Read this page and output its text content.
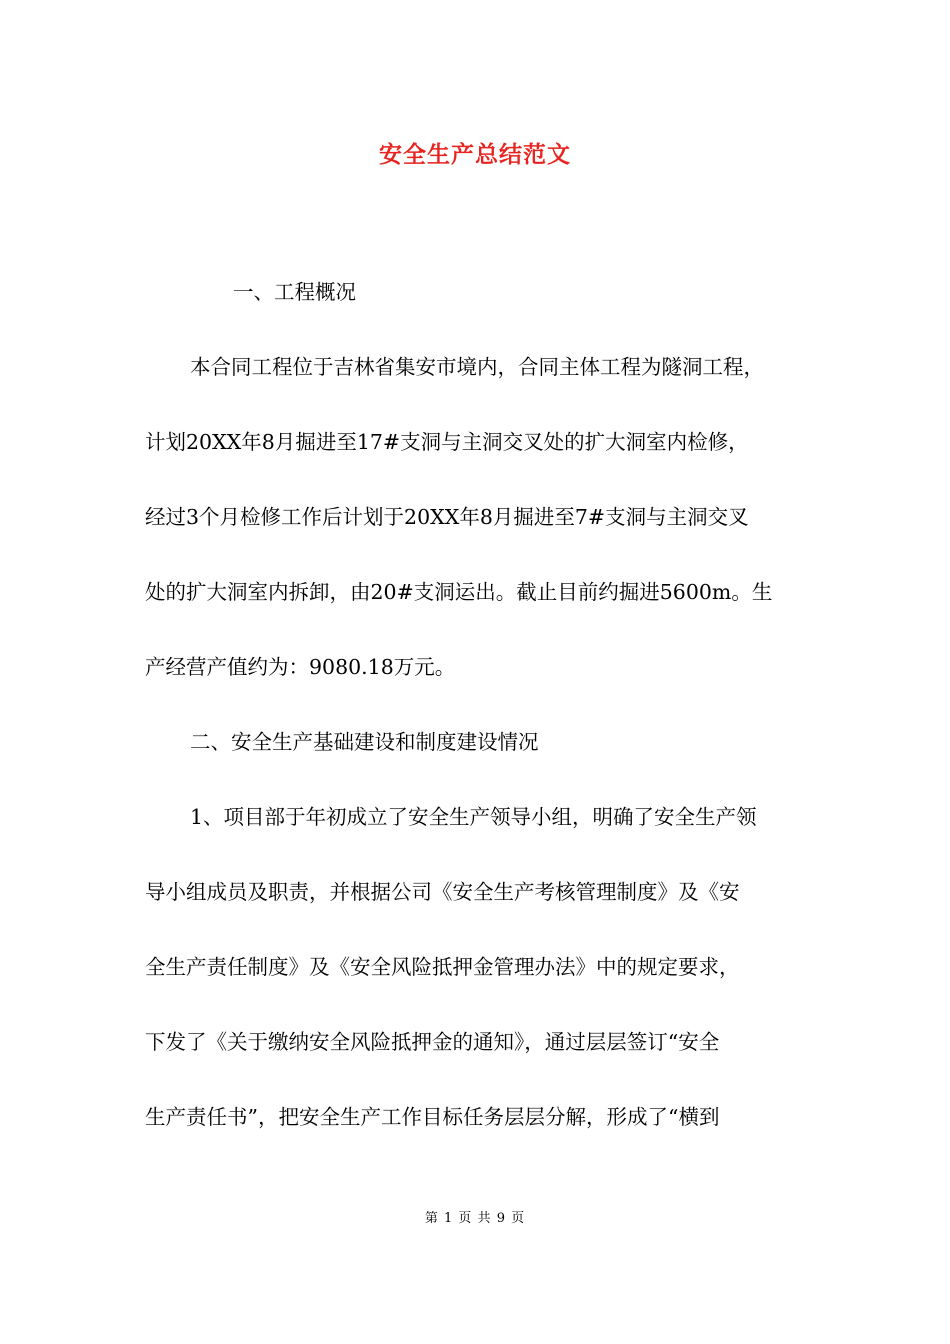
安全生产总结范文

一、工程概况

本合同工程位于吉林省集安市境内，合同主体工程为隧洞工程，

计划20XX年8月掘进至17#支洞与主洞交叉处的扩大洞室内检修，

经过3个月检修工作后计划于20XX年8月掘进至7#支洞与主洞交叉

处的扩大洞室内拆卸，由20#支洞运出。截止目前约掘进5600m。生

产经营产值约为：9080.18万元。

二、安全生产基础建设和制度建设情况

1、项目部于年初成立了安全生产领导小组，明确了安全生产领

导小组成员及职责，并根据公司《安全生产考核管理制度》及《安

全生产责任制度》及《安全风险抵押金管理办法》中的规定要求，

下发了《关于缴纳安全风险抵押金的通知》，通过层层签订“安全

生产责任书”，把安全生产工作目标任务层层分解，形成了“横到

第 1 页 共 9 页
